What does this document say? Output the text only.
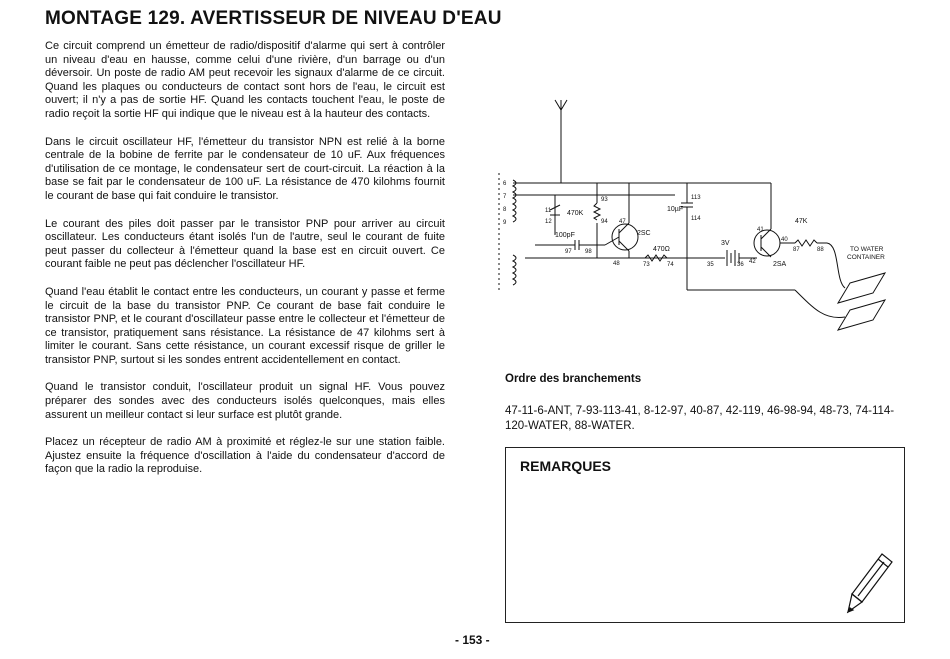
MONTAGE 129. AVERTISSEUR DE NIVEAU D'EAU

Ce circuit comprend un émetteur de radio/dispositif d'alarme qui sert à contrôler un niveau d'eau en hausse, comme celui d'une rivière, d'un barrage ou d'un déversoir. Un poste de radio AM peut recevoir les signaux d'alarme de ce circuit. Quand les plaques ou conducteurs de contact sont hors de l'eau, le circuit est ouvert; il n'y a pas de sortie HF. Quand les contacts touchent l'eau, le poste de radio reçoit la sortie HF qui indique que le niveau est à la hauteur des contacts.

Dans le circuit oscillateur HF, l'émetteur du transistor NPN est relié à la borne centrale de la bobine de ferrite par le condensateur de 10 uF. Aux fréquences d'utilisation de ce montage, le condensateur sert de court-circuit. La réaction à la base se fait par le condensateur de 100 uF. La résistance de 470 kilohms fournit le courant de base qui fait conduire le transistor.

Le courant des piles doit passer par le transistor PNP pour arriver au circuit oscillateur. Les conducteurs étant isolés l'un de l'autre, seul le courant de fuite peut passer du collecteur à l'émetteur quand la base est en circuit ouvert. Ce courant faible ne peut pas déclencher l'oscillateur HF.

Quand l'eau établit le contact entre les conducteurs, un courant y passe et ferme le circuit de la base du transistor PNP. Ce courant de base fait conduire le transistor PNP, et le courant d'oscillateur passe entre le collecteur et l'émetteur de ce transistor, pratiquement sans résistance. La résistance de 47 kilohms sert à limiter le courant. Sans cette résistance, un courant excessif risque de griller le transistor PNP, surtout si les sondes entrent accidentellement en contact.

Quand le transistor conduit, l'oscillateur produit un signal HF. Vous pouvez préparer des sondes avec des conducteurs isolés quelconques, mais elles assurent un meilleur contact si leur surface est plutôt grande.

Placez un récepteur de radio AM à proximité et réglez-le sur une station faible. Ajustez ensuite la fréquence d'oscillation à l'aide du condensateur d'accord de façon que la radio la reproduise.

6
7
8
9
11
12
470K
93
94
100pF
97 98
47
2SC
48
470Ω
73	74
113
114
10µF
3V
35	36
41
42 2SA
40
47K
87	88	TO WATER
CONTAINER
Ordre des branchements
47-11-6-ANT, 7-93-113-41, 8-12-97, 40-87, 42-119, 46-98-94, 48-73, 74-114-120-WATER, 88-WATER.
REMARQUES
- 153 -
